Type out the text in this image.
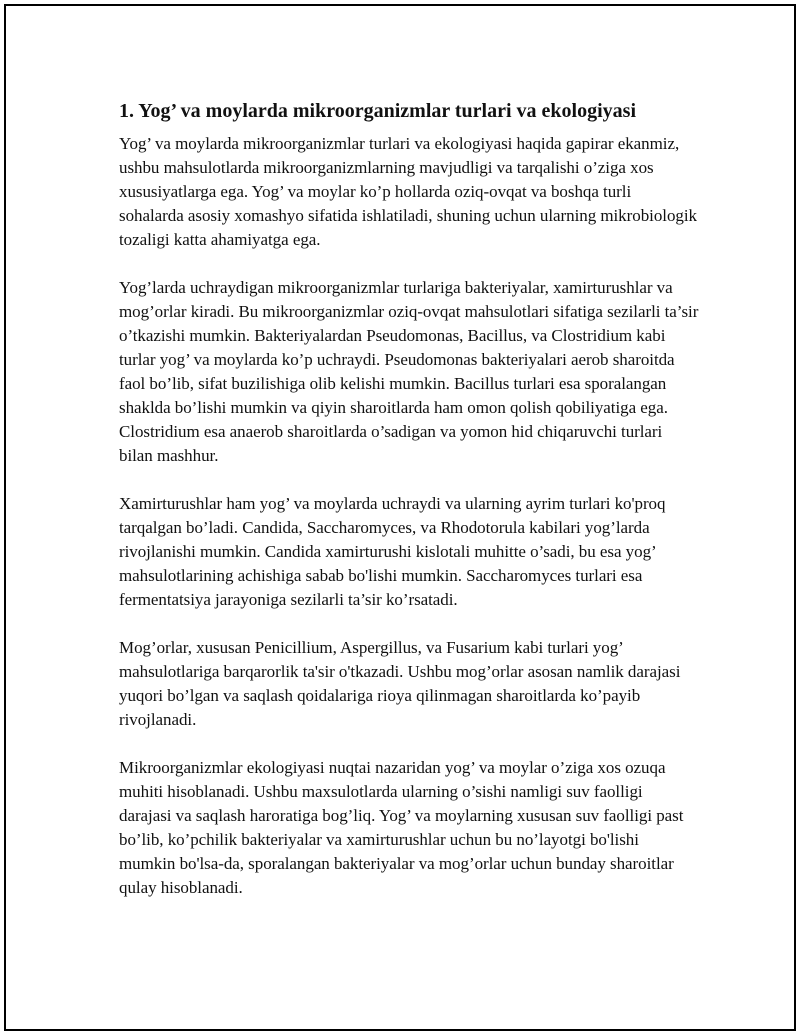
1. Yog’ va moylarda mikroorganizmlar turlari va ekologiyasi

Yog’ va moylarda mikroorganizmlar turlari va ekologiyasi haqida gapirar ekanmiz, ushbu mahsulotlarda mikroorganizmlarning mavjudligi va tarqalishi o’ziga xos xususiyatlarga ega. Yog’ va moylar ko’p hollarda oziq-ovqat va boshqa turli sohalarda asosiy xomashyo sifatida ishlatiladi, shuning uchun ularning mikrobiologik tozaligi katta ahamiyatga ega.

Yog’larda uchraydigan mikroorganizmlar turlariga bakteriyalar, xamirturushlar va mog’orlar kiradi. Bu mikroorganizmlar oziq-ovqat mahsulotlari sifatiga sezilarli ta’sir o’tkazishi mumkin. Bakteriyalardan Pseudomonas, Bacillus, va Clostridium kabi turlar yog’ va moylarda ko’p uchraydi. Pseudomonas bakteriyalari aerob sharoitda faol bo’lib, sifat buzilishiga olib kelishi mumkin. Bacillus turlari esa sporalangan shaklda bo’lishi mumkin va qiyin sharoitlarda ham omon qolish qobiliyatiga ega. Clostridium esa anaerob sharoitlarda o’sadigan va yomon hid chiqaruvchi turlari bilan mashhur.

Xamirturushlar ham yog’ va moylarda uchraydi va ularning ayrim turlari ko'proq tarqalgan bo’ladi. Candida, Saccharomyces, va Rhodotorula kabilari yog’larda rivojlanishi mumkin. Candida xamirturushi kislotali muhitte o’sadi, bu esa yog’ mahsulotlarining achishiga sabab bo'lishi mumkin. Saccharomyces turlari esa fermentatsiya jarayoniga sezilarli ta’sir ko’rsatadi.

Mog’orlar, xususan Penicillium, Aspergillus, va Fusarium kabi turlari yog’ mahsulotlariga barqarorlik ta'sir o'tkazadi. Ushbu mog’orlar asosan namlik darajasi yuqori bo’lgan va saqlash qoidalariga rioya qilinmagan sharoitlarda ko’payib rivojlanadi.

Mikroorganizmlar ekologiyasi nuqtai nazaridan yog’ va moylar o’ziga xos ozuqa muhiti hisoblanadi. Ushbu maxsulotlarda ularning o’sishi namligi suv faolligi darajasi va saqlash haroratiga bog’liq. Yog’ va moylarning xususan suv faolligi past bo’lib, ko’pchilik bakteriyalar va xamirturushlar uchun bu no’layotgi bo'lishi mumkin bo'lsa-da, sporalangan bakteriyalar va mog’orlar uchun bunday sharoitlar qulay hisoblanadi.
